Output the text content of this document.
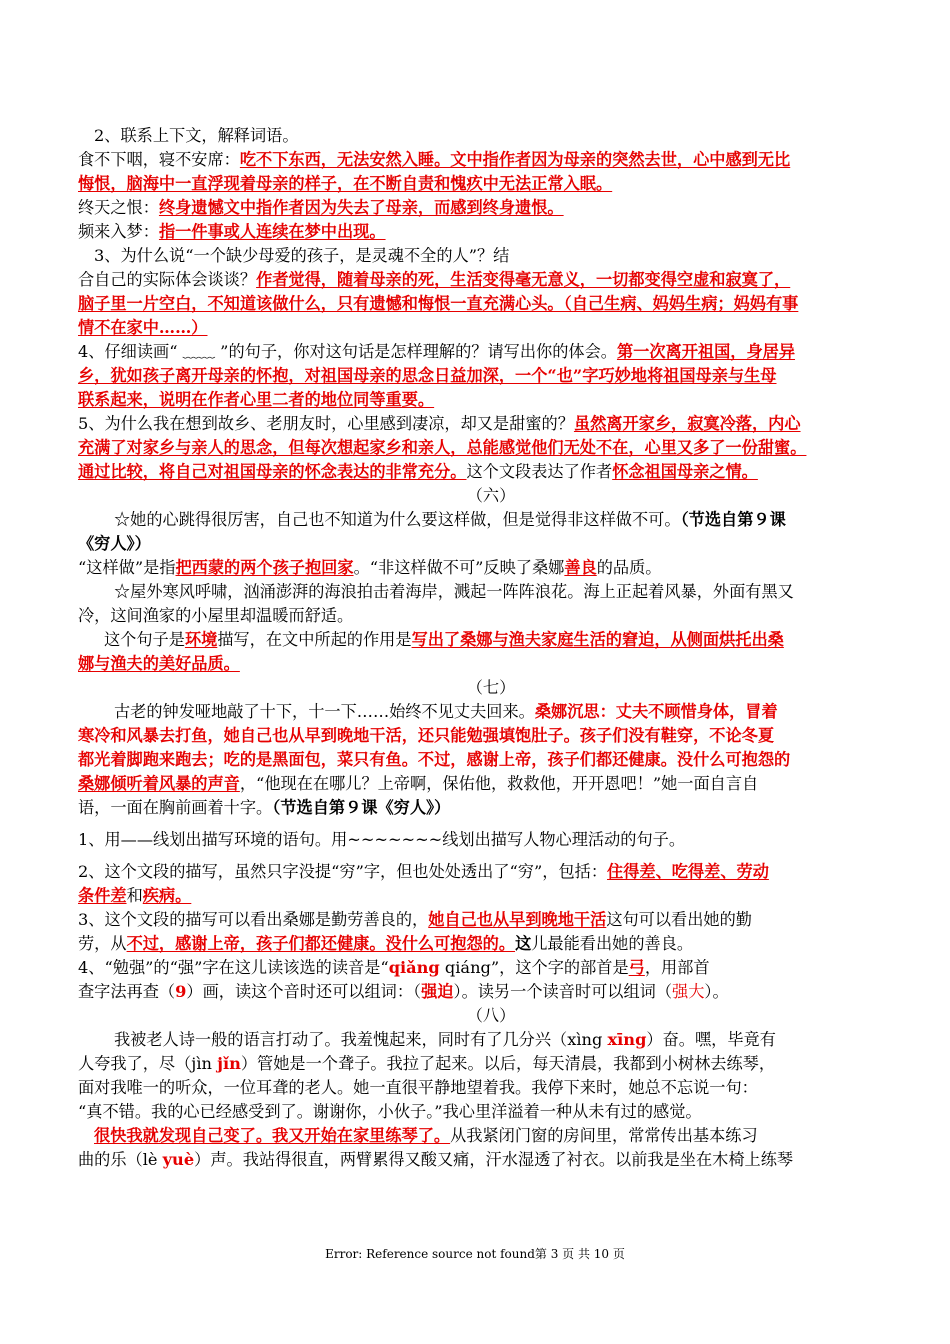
2、联系上下文，解释词语。
食不下咽，寝不安席：吃不下东西，无法安然入睡。文中指作者因为母亲的突然去世，心中感到无比
悔恨，脑海中一直浮现着母亲的样子，在不断自责和愧疚中无法正常入眠。
终天之恨：终身遗憾文中指作者因为失去了母亲，而感到终身遗恨。
频来入梦：指一件事或人连续在梦中出现。
3、为什么说“一个缺少母爱的孩子，是灵魂不全的人”？结
合自己的实际体会谈谈？作者觉得，随着母亲的死，生活变得毫无意义，一切都变得空虚和寂寞了，
脑子里一片空白，不知道该做什么，只有遗憾和悔恨一直充满心头。（自己生病、妈妈生病；妈妈有事
情不在家中……）
4、仔细读画“ ﹏﹏ ”的句子，你对这句话是怎样理解的？请写出你的体会。第一次离开祖国，身居异
乡，犹如孩子离开母亲的怀抱，对祖国母亲的思念日益加深，一个“也”字巧妙地将祖国母亲与生母
联系起来，说明在作者心里二者的地位同等重要。
5、为什么我在想到故乡、老朋友时，心里感到凄凉，却又是甜蜜的？虽然离开家乡，寂寞冷落，内心
充满了对家乡与亲人的思念，但每次想起家乡和亲人，总能感觉他们无处不在，心里又多了一份甜蜜。
通过比较，将自己对祖国母亲的怀念表达的非常充分。这个文段表达了作者怀念祖国母亲之情。
（六）
☆她的心跳得很厉害，自己也不知道为什么要这样做，但是觉得非这样做不可。（节选自第９课
《穷人》）
“这样做”是指把西蒙的两个孩子抱回家。“非这样做不可”反映了桑娜善良的品质。
☆屋外寒风呼啸，汹涌澎湃的海浪拍击着海岸，溅起一阵阵浪花。海上正起着风暴，外面有黑又
冷，这间渔家的小屋里却温暖而舒适。
这个句子是环境描写，在文中所起的作用是写出了桑娜与渔夫家庭生活的窘迫，从侧面烘托出桑
娜与渔夫的美好品质。
（七）
古老的钟发哑地敲了十下，十一下……始终不见丈夫回来。桑娜沉思：丈夫不顾惜身体，冒着
寒冷和风暴去打鱼，她自己也从早到晚地干活，还只能勉强填饱肚子。孩子们没有鞋穿，不论冬夏
都光着脚跑来跑去；吃的是黑面包，菜只有鱼。不过，感谢上帝，孩子们都还健康。没什么可抱怨的
桑娜倾听着风暴的声音，“他现在在哪儿？上帝啊，保佑他，救救他，开开恩吧！”她一面自言自
语，一面在胸前画着十字。（节选自第９课《穷人》）
1、用——线划出描写环境的语句。用~~~~~~~线划出描写人物心理活动的句子。
2、这个文段的描写，虽然只字没提“穷”字，但也处处透出了“穷”，包括：住得差、吃得差、劳动
条件差和疾病。
3、这个文段的描写可以看出桑娜是勤劳善良的，她自己也从早到晚地干活这句可以看出她的勤
劳，从不过，感谢上帝，孩子们都还健康。没什么可抱怨的。这儿最能看出她的善良。
4、“勉强”的“强”字在这儿读该选的读音是“qiǎng qiáng”，这个字的部首是弓，用部首
查字法再查（9）画，读这个音时还可以组词：（强迫）。读另一个读音时可以组词（强大）。
（八）
我被老人诗一般的语言打动了。我羞愧起来，同时有了几分兴（xìng xīng）奋。嘿，毕竟有
人夸我了，尽（jìn jǐn）管她是一个聋子。我拉了起来。以后，每天清晨，我都到小树林去练琴，
面对我唯一的听众，一位耳聋的老人。她一直很平静地望着我。我停下来时，她总不忘说一句：
“真不错。我的心已经感受到了。谢谢你，小伙子。”我心里洋溢着一种从未有过的感觉。
很快我就发现自己变了。我又开始在家里练琴了。从我紧闭门窗的房间里，常常传出基本练习
曲的乐（lè yuè）声。我站得很直，两臂累得又酸又痛，汗水湿透了衬衣。以前我是坐在木椅上练琴
Error: Reference source not found第 3 页 共 10 页
